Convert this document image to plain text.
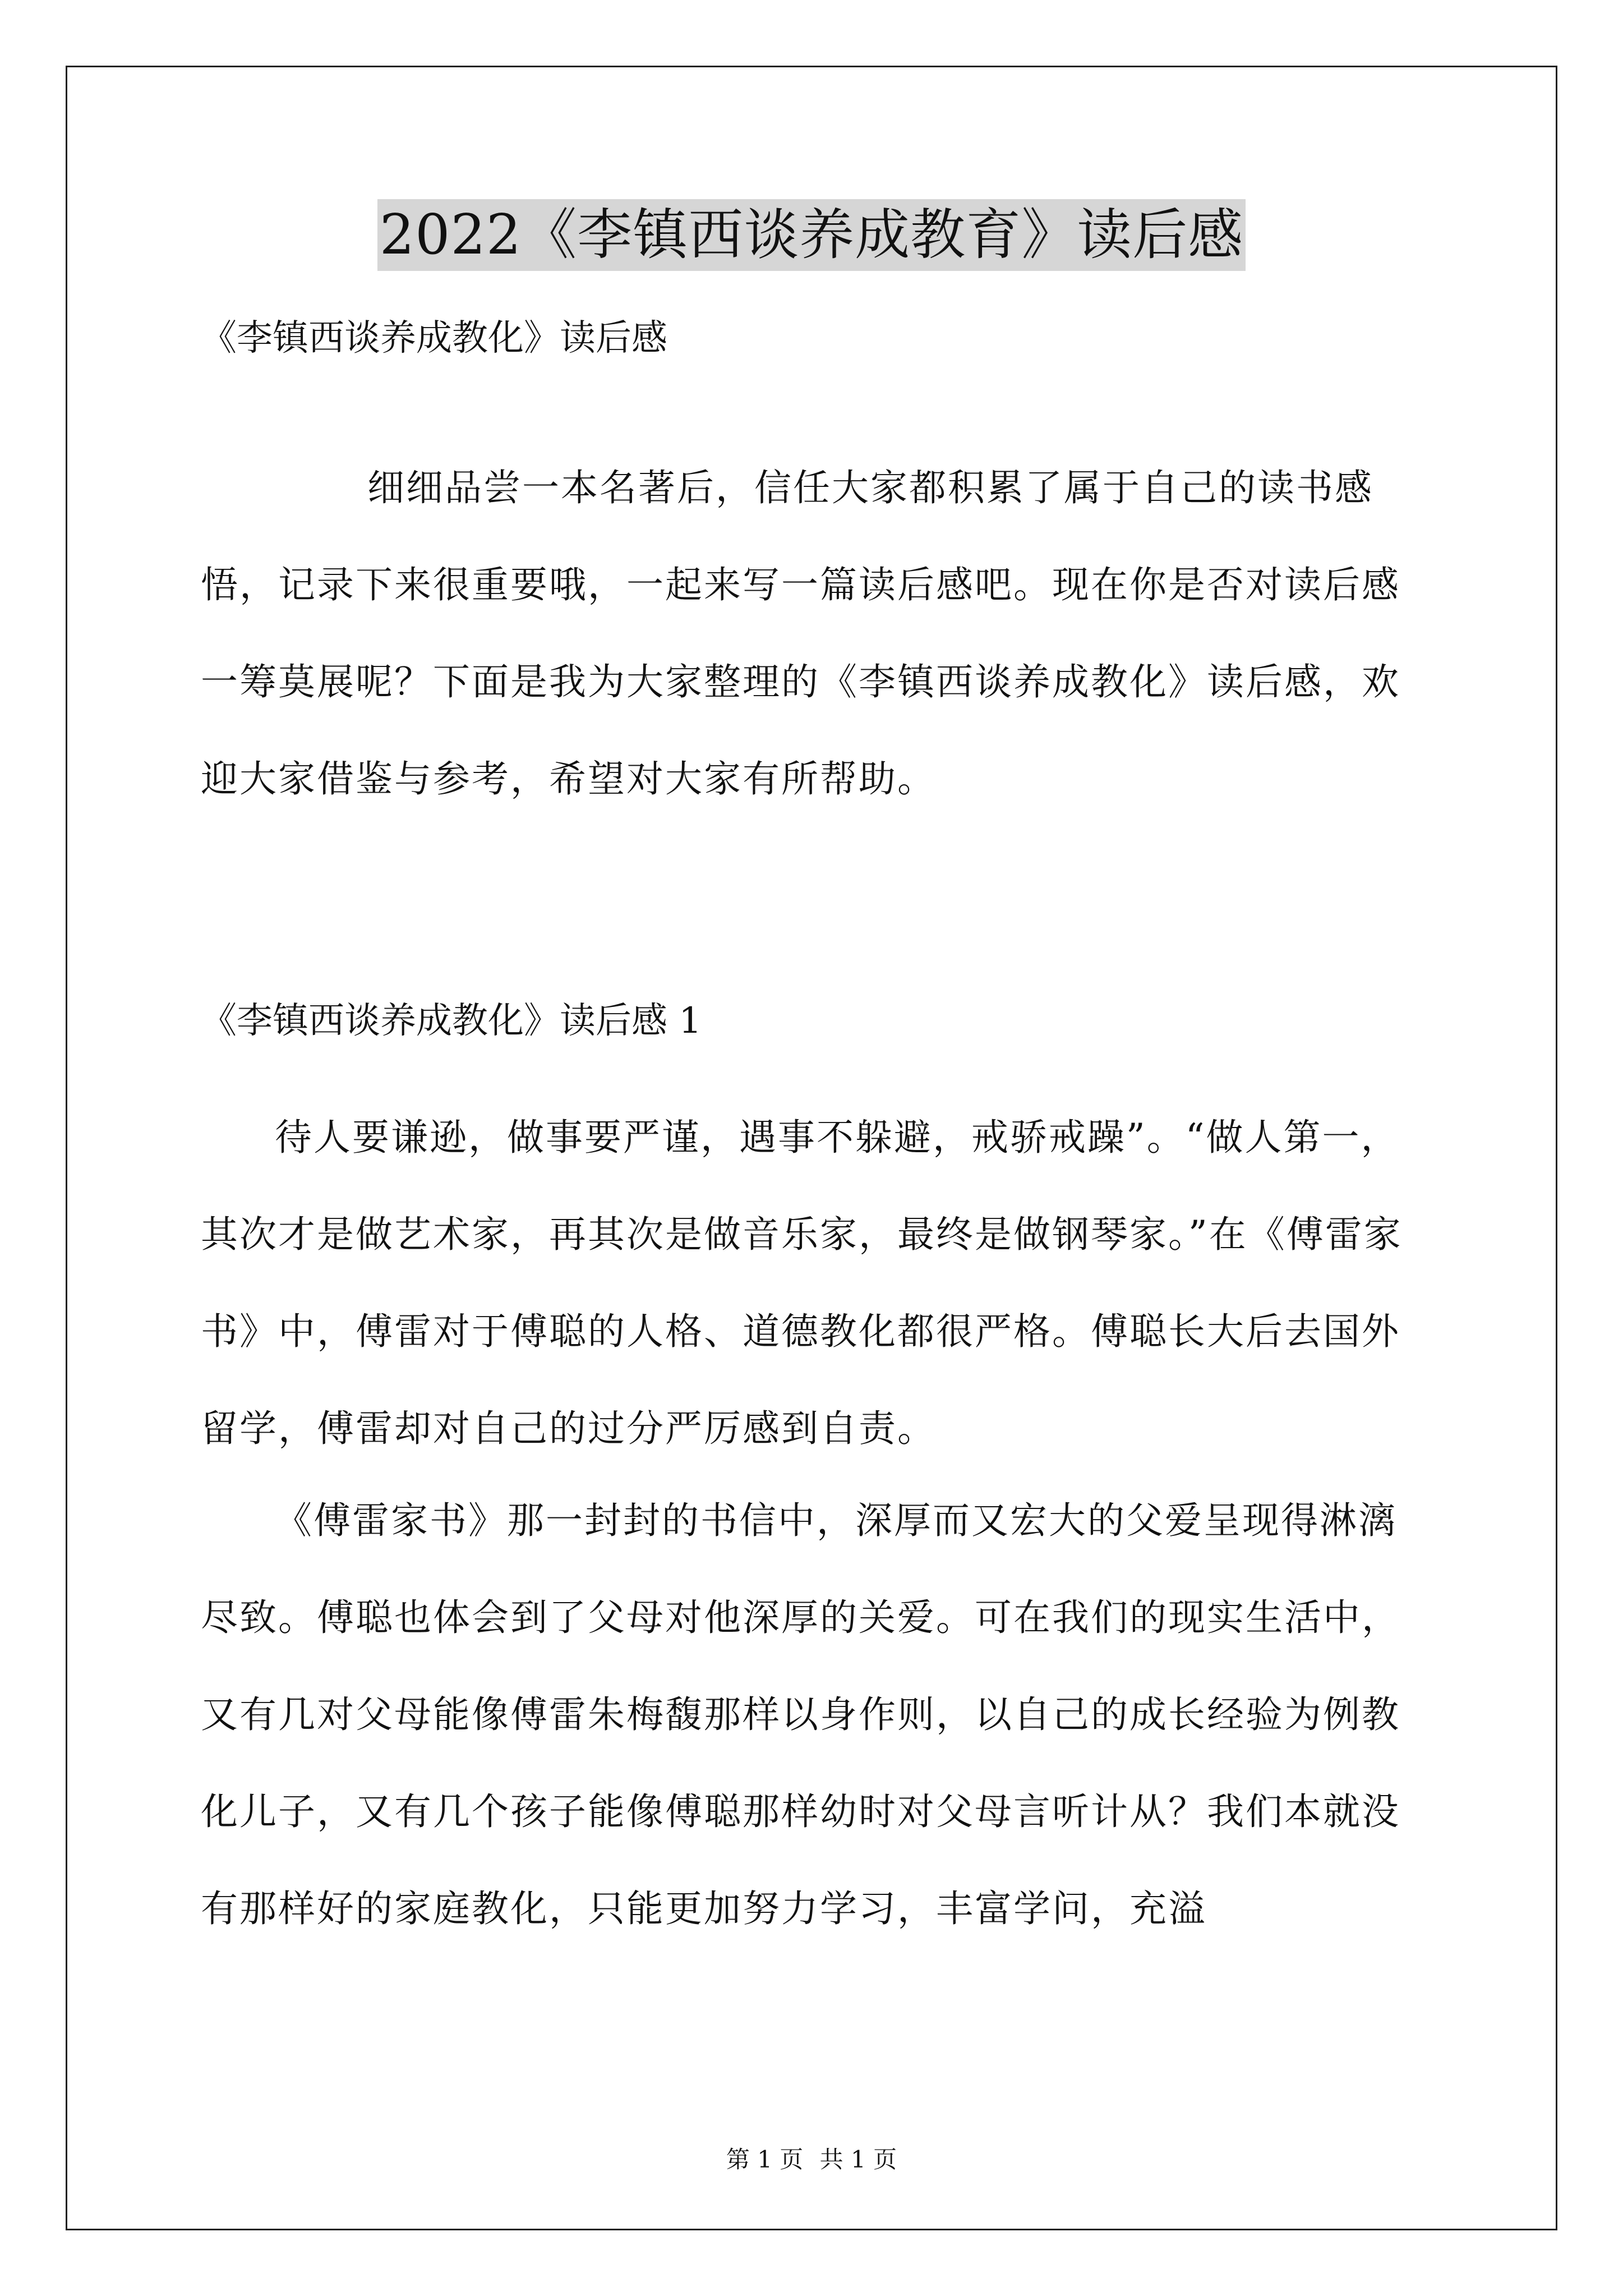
2022《李镇西谈养成教育》读后感
《李镇西谈养成教化》读后感

细细品尝一本名著后，信任大家都积累了属于自己的读书感悟，记录下来很重要哦，一起来写一篇读后感吧。现在你是否对读后感一筹莫展呢？下面是我为大家整理的《李镇西谈养成教化》读后感，欢迎大家借鉴与参考，希望对大家有所帮助。

《李镇西谈养成教化》读后感 1

待人要谦逊，做事要严谨，遇事不躲避，戒骄戒躁”。“做人第一，其次才是做艺术家，再其次是做音乐家，最终是做钢琴家。”在《傅雷家书》中，傅雷对于傅聪的人格、道德教化都很严格。傅聪长大后去国外留学，傅雷却对自己的过分严厉感到自责。

《傅雷家书》那一封封的书信中，深厚而又宏大的父爱呈现得淋漓尽致。傅聪也体会到了父母对他深厚的关爱。可在我们的现实生活中，又有几对父母能像傅雷朱梅馥那样以身作则，以自己的成长经验为例教化儿子，又有几个孩子能像傅聪那样幼时对父母言听计从？我们本就没有那样好的家庭教化，只能更加努力学习，丰富学问，充溢

第 1 页 共 1 页
